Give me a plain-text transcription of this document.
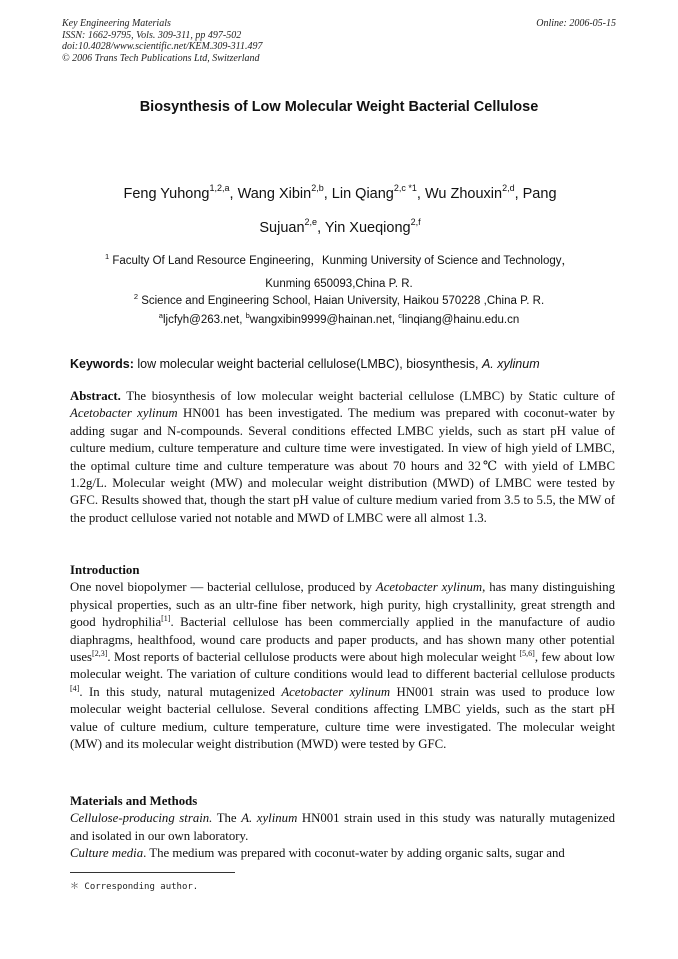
Key Engineering Materials
ISSN: 1662-9795, Vols. 309-311, pp 497-502
doi:10.4028/www.scientific.net/KEM.309-311.497
© 2006 Trans Tech Publications Ltd, Switzerland
Online: 2006-05-15
Biosynthesis of Low Molecular Weight Bacterial Cellulose
Feng Yuhong$^{1,2,a}$, Wang Xibin$^{2,b}$, Lin Qiang$^{2,c *1}$, Wu Zhouxin$^{2,d}$, Pang Sujuan$^{2,e}$, Yin Xueqiong$^{2,f}$
$^1$ Faculty Of Land Resource Engineering，Kunming University of Science and Technology，
Kunming 650093,China P. R.
$^2$ Science and Engineering School, Haian University, Haikou 570228 ,China P. R.
$^a$ljcfyh@263.net, $^b$wangxibin9999@hainan.net, $^c$linqiang@hainu.edu.cn
Keywords: low molecular weight bacterial cellulose(LMBC), biosynthesis, A. xylinum
Abstract. The biosynthesis of low molecular weight bacterial cellulose (LMBC) by Static culture of Acetobacter xylinum HN001 has been investigated. The medium was prepared with coconut-water by adding sugar and N-compounds. Several conditions effected LMBC yields, such as start pH value of culture medium, culture temperature and culture time were investigated. In view of high yield of LMBC, the optimal culture time and culture temperature was about 70 hours and 32℃ with yield of LMBC 1.2g/L. Molecular weight (MW) and molecular weight distribution (MWD) of LMBC were tested by GFC. Results showed that, though the start pH value of culture medium varied from 3.5 to 5.5, the MW of the product cellulose varied not notable and MWD of LMBC were all almost 1.3.
Introduction
One novel biopolymer — bacterial cellulose, produced by Acetobacter xylinum, has many distinguishing physical properties, such as an ultr-fine fiber network, high purity, high crystallinity, great strength and good hydrophilia[1]. Bacterial cellulose has been commercially applied in the manufacture of audio diaphragms, healthfood, wound care products and paper products, and has shown many other potential uses[2,3]. Most reports of bacterial cellulose products were about high molecular weight [5,6], few about low molecular weight. The variation of culture conditions would lead to different bacterial cellulose products [4]. In this study, natural mutagenized Acetobacter xylinum HN001 strain was used to produce low molecular weight bacterial cellulose. Several conditions affecting LMBC yields, such as the start pH value of culture medium, culture temperature, culture time were investigated. The molecular weight (MW) and its molecular weight distribution (MWD) were tested by GFC.
Materials and Methods
Cellulose-producing strain. The A. xylinum HN001 strain used in this study was naturally mutagenized and isolated in our own laboratory.
Culture media. The medium was prepared with coconut-water by adding organic salts, sugar and
＊ Corresponding author.
